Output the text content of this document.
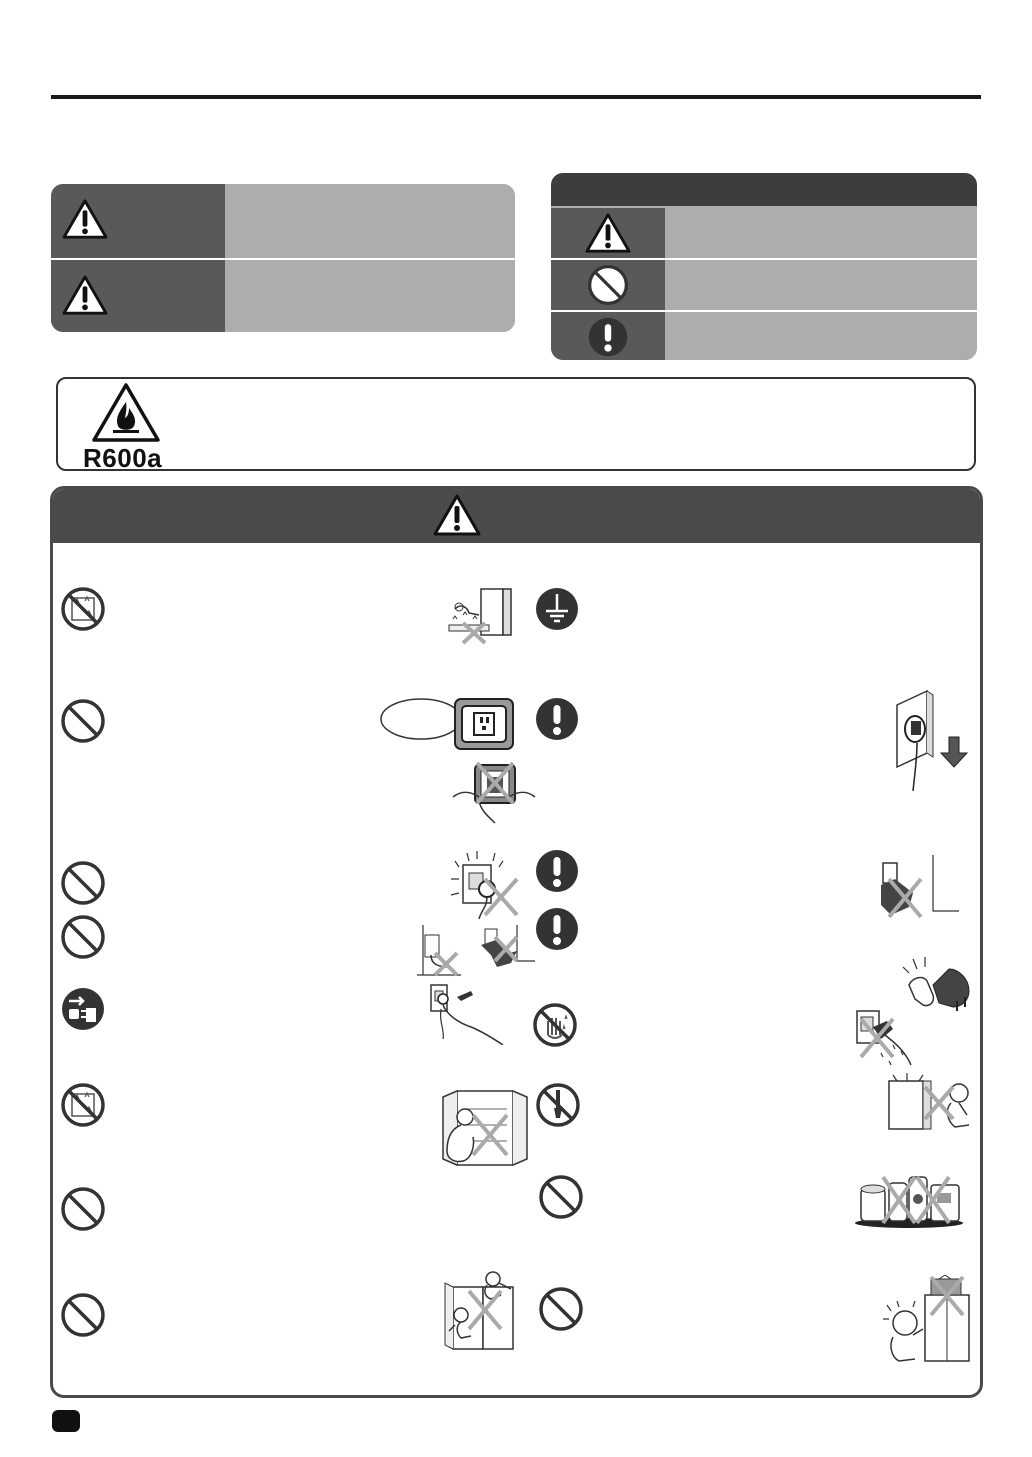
R600a
